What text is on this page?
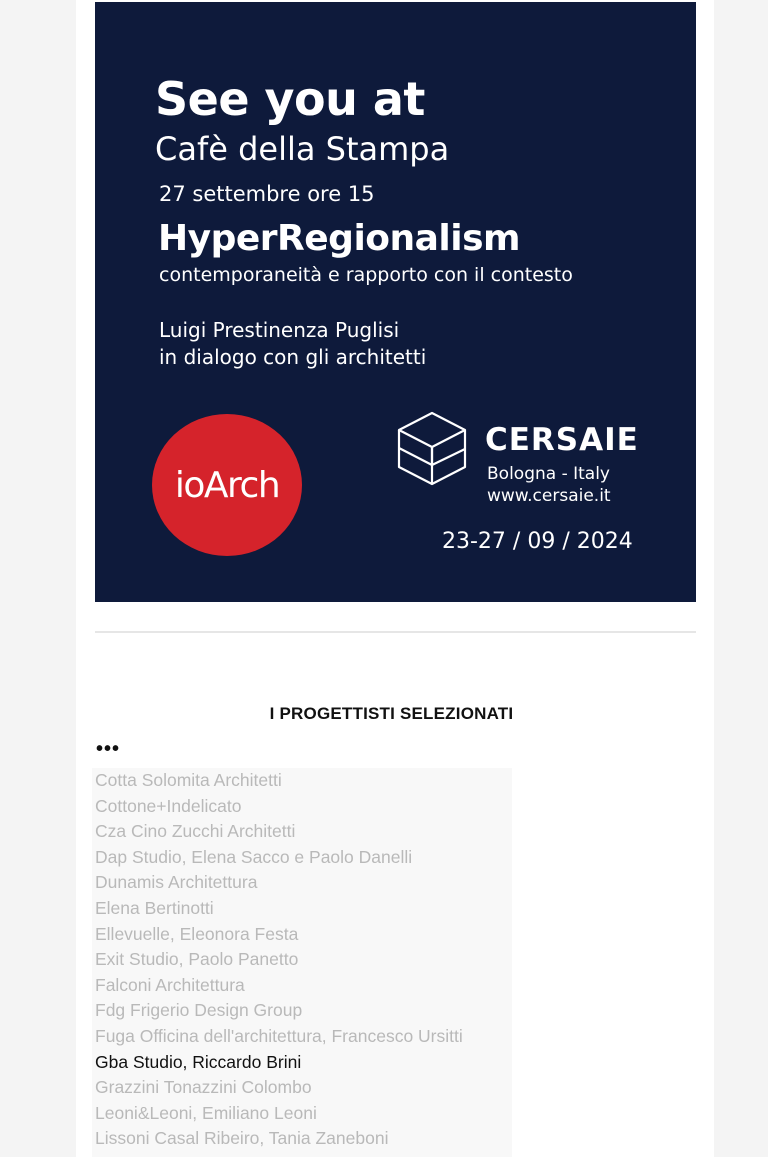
See you at
Cafè della Stampa
27 settembre ore 15
HyperRegionalism
contemporaneità e rapporto con il contesto
Luigi Prestinenza Puglisi
in dialogo con gli architetti
ioArch
CERSAIE
Bologna - Italy
www.cersaie.it
23-27 / 09 / 2024
I PROGETTISTI SELEZIONATI
•••
Cotta Solomita Architetti
Cottone+Indelicato
Cza Cino Zucchi Architetti
Dap Studio, Elena Sacco e Paolo Danelli
Dunamis Architettura
Elena Bertinotti
Ellevuelle, Eleonora Festa
Exit Studio, Paolo Panetto
Falconi Architettura
Fdg Frigerio Design Group
Fuga Officina dell'architettura, Francesco Ursitti
Gba Studio, Riccardo Brini
Grazzini Tonazzini Colombo
Leoni&Leoni, Emiliano Leoni
Lissoni Casal Ribeiro, Tania Zaneboni
